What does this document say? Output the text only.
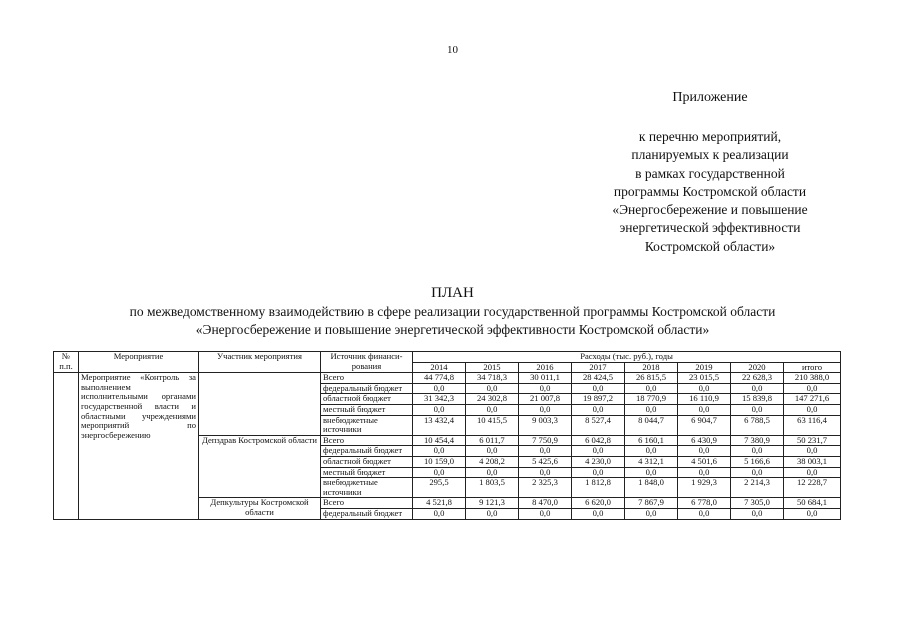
10
Приложение
к перечню мероприятий,
планируемых к реализации
в рамках государственной
программы Костромской области
«Энергосбережение и повышение
энергетической эффективности
Костромской области»
ПЛАН
по межведомственному взаимодействию в сфере реализации государственной программы Костромской области
«Энергосбережение и повышение энергетической эффективности Костромской области»
№ п.п.	Мероприятие	Участник мероприятия	Источник финанси-рования	Расходы (тыс. руб.), годы							
				2014	2015	2016	2017	2018	2019	2020	итого
	Мероприятие «Контроль за выполнением исполнительными органами государственной власти и областными учреждениями мероприятий по энергосбережению		Всего	44 774,8	34 718,3	30 011,1	28 424,5	26 815,5	23 015,5	22 628,3	210 388,0
			федеральный бюджет	0,0	0,0	0,0	0,0	0,0	0,0	0,0	0,0
			областной бюджет	31 342,3	24 302,8	21 007,8	19 897,2	18 770,9	16 110,9	15 839,8	147 271,6
			местный бюджет	0,0	0,0	0,0	0,0	0,0	0,0	0,0	0,0
			внебюджетные источники	13 432,4	10 415,5	9 003,3	8 527,4	8 044,7	6 904,7	6 788,5	63 116,4
		Депздрав Костромской области	Всего	10 454,4	6 011,7	7 750,9	6 042,8	6 160,1	6 430,9	7 380,9	50 231,7
			федеральный бюджет	0,0	0,0	0,0	0,0	0,0	0,0	0,0	0,0
			областной бюджет	10 159,0	4 208,2	5 425,6	4 230,0	4 312,1	4 501,6	5 166,6	38 003,1
			местный бюджет	0,0	0,0	0,0	0,0	0,0	0,0	0,0	0,0
			внебюджетные источники	295,5	1 803,5	2 325,3	1 812,8	1 848,0	1 929,3	2 214,3	12 228,7
		Депкультуры Костромской области	Всего	4 521,8	9 121,3	8 470,0	6 620,0	7 867,9	6 778,0	7 305,0	50 684,1
			федеральный бюджет	0,0	0,0	0,0	0,0	0,0	0,0	0,0	0,0
